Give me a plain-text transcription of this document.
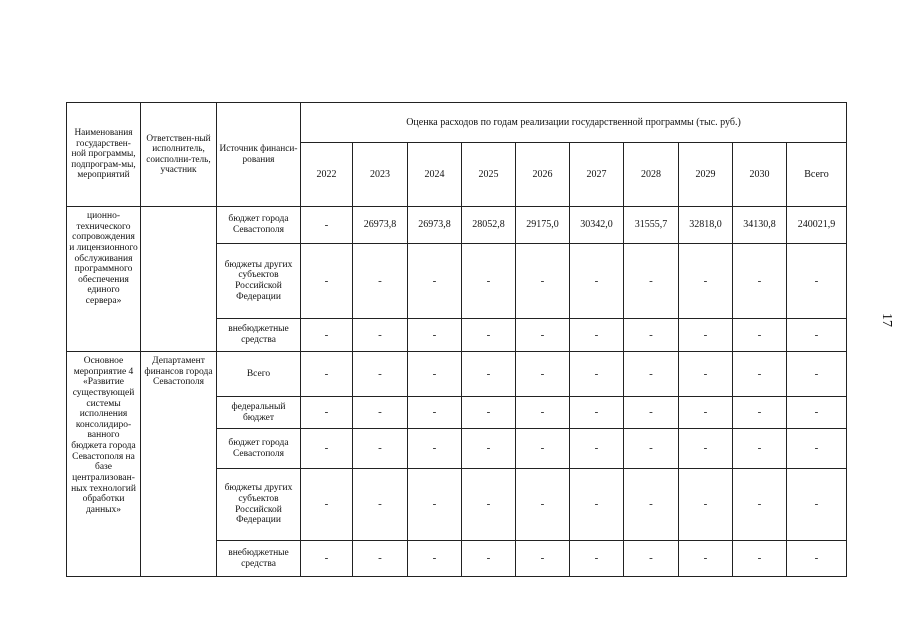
Наименования государствен-ной программы, подпрограм-мы, мероприятий	Ответствен-ный исполнитель, соисполни-тель, участник	Источник финанси-рования	Оценка расходов по годам реализации государственной программы (тыс. руб.)									
			2022	2023	2024	2025	2026	2027	2028	2029	2030	Всего
ционно-технического сопровождения и лицензионного обслуживания программного обеспечения единого сервера»		бюджет города Севастополя	-	26973,8	26973,8	28052,8	29175,0	30342,0	31555,7	32818,0	34130,8	240021,9
		бюджеты других субъектов Российской Федерации	-	-	-	-	-	-	-	-	-	-
		внебюджетные средства	-	-	-	-	-	-	-	-	-	-
Основное мероприятие 4 «Развитие существующей системы исполнения консолидиро-ванного бюджета города Севастополя на базе централизован-ных технологий обработки данных»	Департамент финансов города Севастополя	Всего	-	-	-	-	-	-	-	-	-	-
		федеральный бюджет	-	-	-	-	-	-	-	-	-	-
		бюджет города Севастополя	-	-	-	-	-	-	-	-	-	-
		бюджеты других субъектов Российской Федерации	-	-	-	-	-	-	-	-	-	-
		внебюджетные средства	-	-	-	-	-	-	-	-	-	-
17
